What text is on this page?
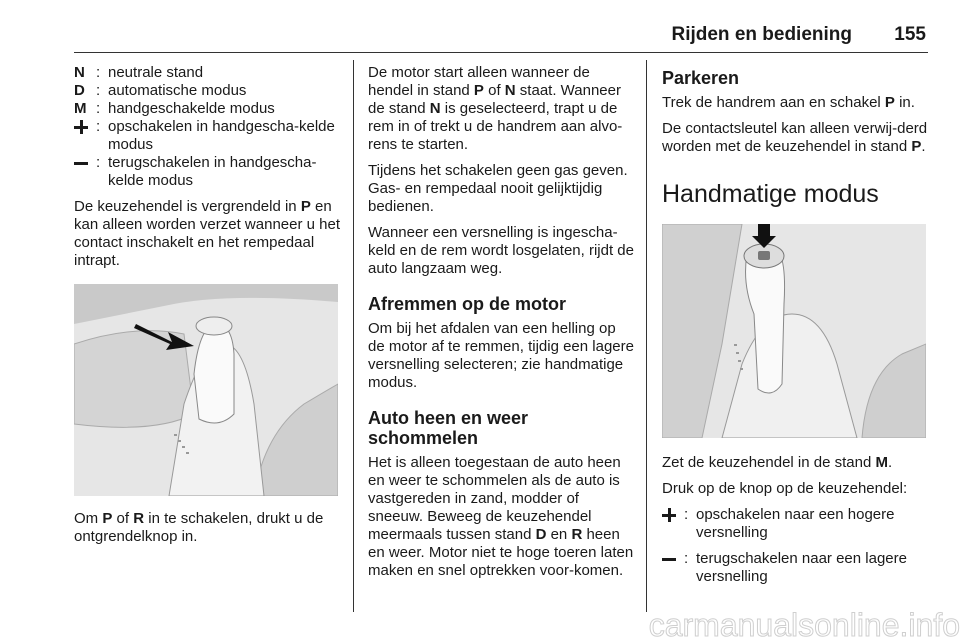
Rijden en bediening 155
N : neutrale stand
D : automatische modus
M : handgeschakelde modus
: opschakelen in handgescha-kelde modus
: terugschakelen in handgescha-kelde modus

De keuzehendel is vergrendeld in P en kan alleen worden verzet wanneer u het contact inschakelt en het rempedaal intrapt.

Om P of R in te schakelen, drukt u de ontgrendelknop in.

De motor start alleen wanneer de hendel in stand P of N staat. Wanneer de stand N is geselecteerd, trapt u de rem in of trekt u de handrem aan alvo-rens te starten.

Tijdens het schakelen geen gas geven. Gas- en rempedaal nooit gelijktijdig bedienen.

Wanneer een versnelling is ingescha-keld en de rem wordt losgelaten, rijdt de auto langzaam weg.

Afremmen op de motor

Om bij het afdalen van een helling op de motor af te remmen, tijdig een lagere versnelling selecteren; zie handmatige modus.

Auto heen en weer schommelen

Het is alleen toegestaan de auto heen en weer te schommelen als de auto is vastgereden in zand, modder of sneeuw. Beweeg de keuzehendel meermaals tussen stand D en R heen en weer. Motor niet te hoge toeren laten maken en snel optrekken voor-komen.

Parkeren

Trek de handrem aan en schakel P in.

De contactsleutel kan alleen verwij-derd worden met de keuzehendel in stand P.

Handmatige modus

Zet de keuzehendel in de stand M.

Druk op de knop op de keuzehendel:

: opschakelen naar een hogere versnelling
: terugschakelen naar een lagere versnelling
carmanualsonline.info
